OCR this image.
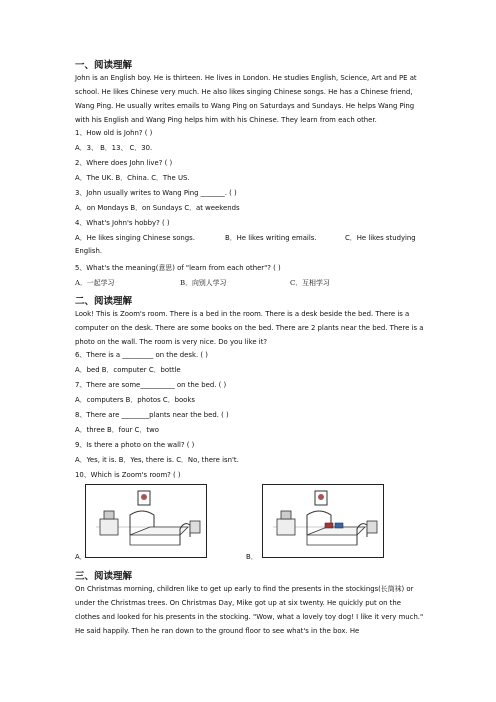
一、阅读理解
John is an English boy. He is thirteen. He lives in London. He studies English, Science, Art and PE at school. He likes Chinese very much. He also likes singing Chinese songs. He has a Chinese friend, Wang Ping. He usually writes emails to Wang Ping on Saturdays and Sundays. He helps Wang Ping with his English and Wang Ping helps him with his Chinese. They learn from each other.
1、How old is John? ( )
A．3、 B．13、 C．30.
2、Where does John live? ( )
A．The UK. B．China. C．The US.
3、John usually writes to Wang Ping _______. ( )
A．on Mondays B．on Sundays C．at weekends
4、What's John's hobby? ( )
A．He likes singing Chinese songs.	B．He likes writing emails.	C．He likes studying
English.
5、What's the meaning(意思) of "learn from each other"? ( )
A．一起学习	B．向别人学习	C．互相学习
二、阅读理解
Look! This is Zoom's room. There is a bed in the room. There is a desk beside the bed. There is a computer on the desk. There are some books on the bed. There are 2 plants near the bed. There is a photo on the wall. The room is very nice. Do you like it?
6、There is a _________ on the desk. ( )
A．bed B．computer C．bottle
7、There are some__________ on the bed. ( )
A．computers B．photos C．books
8、There are ________plants near the bed. ( )
A．three B．four C．two
9、Is there a photo on the wall? ( )
A．Yes, it is. B．Yes, there is. C．No, there isn't.
10、Which is Zoom's room? ( )
A．	B．
三、阅读理解
On Christmas morning, children like to get up early to find the presents in the stockings(长筒袜) or under the Christmas trees. On Christmas Day, Mike got up at six twenty. He quickly put on the clothes and looked for his presents in the stocking. "Wow, what a lovely toy dog! I like it very much." He said happily. Then he ran down to the ground floor to see what's in the box. He
